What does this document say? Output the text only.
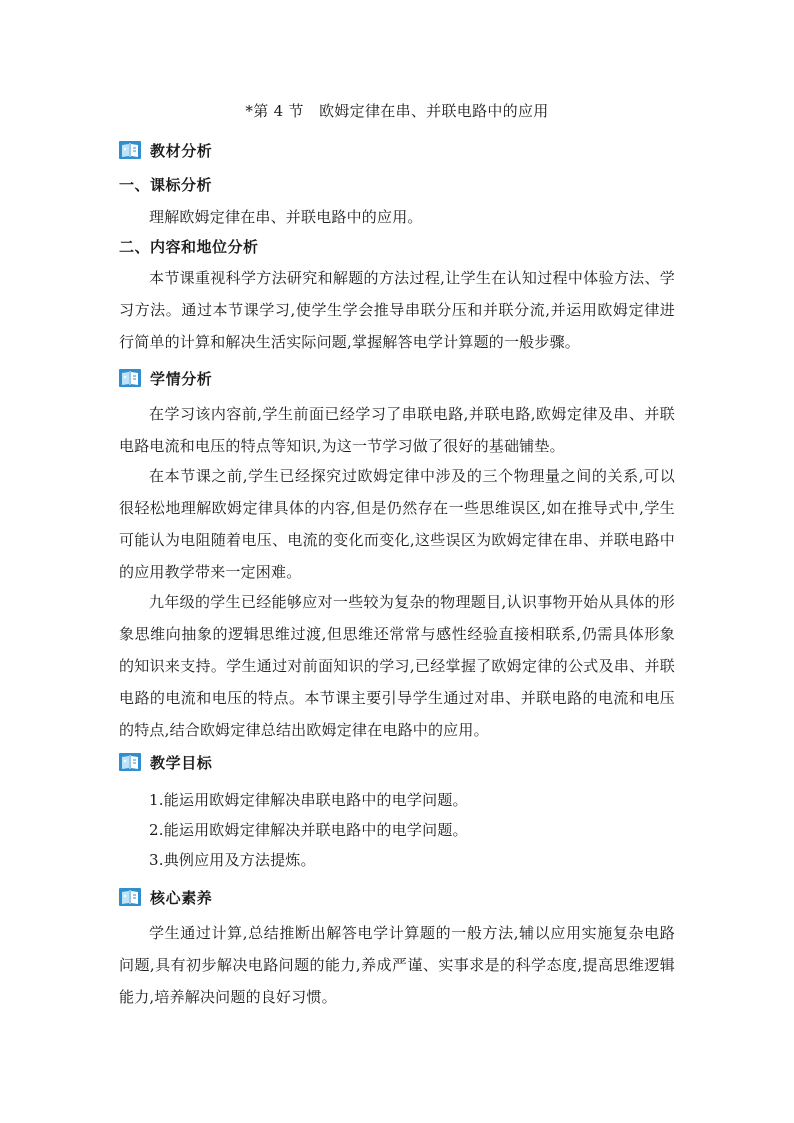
*第 4 节　欧姆定律在串、并联电路中的应用
教材分析
一、课标分析
理解欧姆定律在串、并联电路中的应用。
二、内容和地位分析
本节课重视科学方法研究和解题的方法过程,让学生在认知过程中体验方法、学习方法。通过本节课学习,使学生学会推导串联分压和并联分流,并运用欧姆定律进行简单的计算和解决生活实际问题,掌握解答电学计算题的一般步骤。
学情分析
在学习该内容前,学生前面已经学习了串联电路,并联电路,欧姆定律及串、并联电路电流和电压的特点等知识,为这一节学习做了很好的基础铺垫。
在本节课之前,学生已经探究过欧姆定律中涉及的三个物理量之间的关系,可以很轻松地理解欧姆定律具体的内容,但是仍然存在一些思维误区,如在推导式中,学生可能认为电阻随着电压、电流的变化而变化,这些误区为欧姆定律在串、并联电路中的应用教学带来一定困难。
九年级的学生已经能够应对一些较为复杂的物理题目,认识事物开始从具体的形象思维向抽象的逻辑思维过渡,但思维还常常与感性经验直接相联系,仍需具体形象的知识来支持。学生通过对前面知识的学习,已经掌握了欧姆定律的公式及串、并联电路的电流和电压的特点。本节课主要引导学生通过对串、并联电路的电流和电压的特点,结合欧姆定律总结出欧姆定律在电路中的应用。
教学目标
1.能运用欧姆定律解决串联电路中的电学问题。
2.能运用欧姆定律解决并联电路中的电学问题。
3.典例应用及方法提炼。
核心素养
学生通过计算,总结推断出解答电学计算题的一般方法,辅以应用实施复杂电路问题,具有初步解决电路问题的能力,养成严谨、实事求是的科学态度,提高思维逻辑能力,培养解决问题的良好习惯。
